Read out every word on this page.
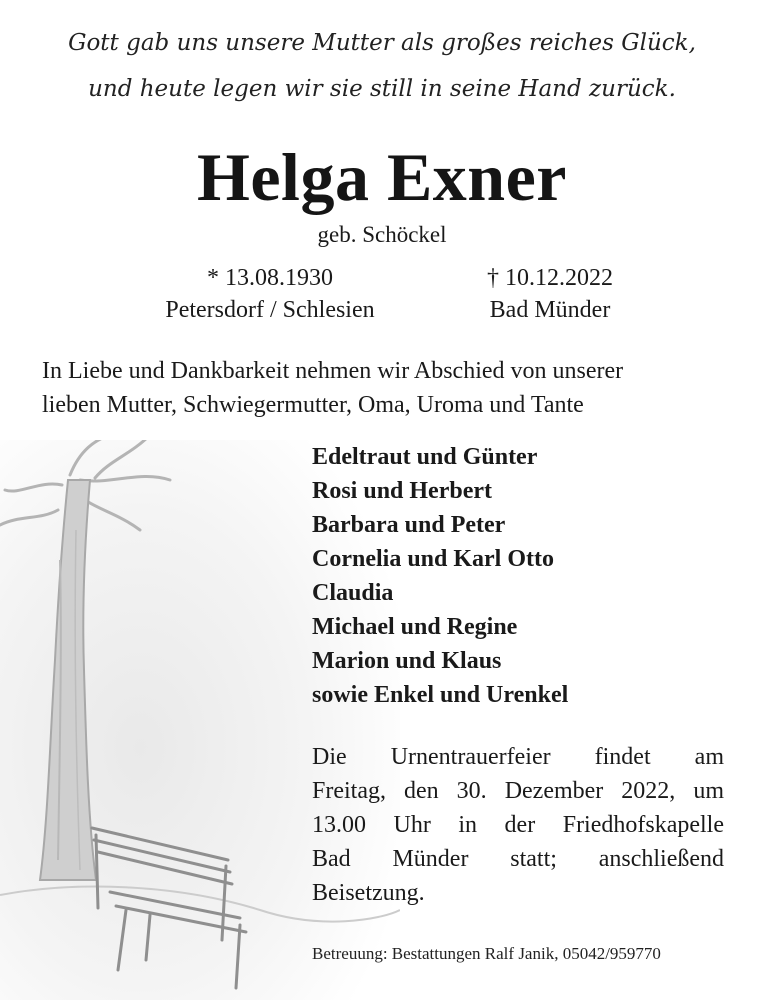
Gott gab uns unsere Mutter als großes reiches Glück,
und heute legen wir sie still in seine Hand zurück.
Helga Exner
geb. Schöckel
* 13.08.1930
Petersdorf / Schlesien
† 10.12.2022
Bad Münder
In Liebe und Dankbarkeit nehmen wir Abschied von unserer
lieben Mutter, Schwiegermutter, Oma, Uroma und Tante
Edeltraut und Günter
Rosi und Herbert
Barbara und Peter
Cornelia und Karl Otto
Claudia
Michael und Regine
Marion und Klaus
sowie Enkel und Urenkel
Die Urnentrauerfeier findet am
Freitag, den 30. Dezember 2022, um
13.00 Uhr in der Friedhofskapelle
Bad Münder statt; anschließend
Beisetzung.
Betreuung: Bestattungen Ralf Janik, 05042/959770
